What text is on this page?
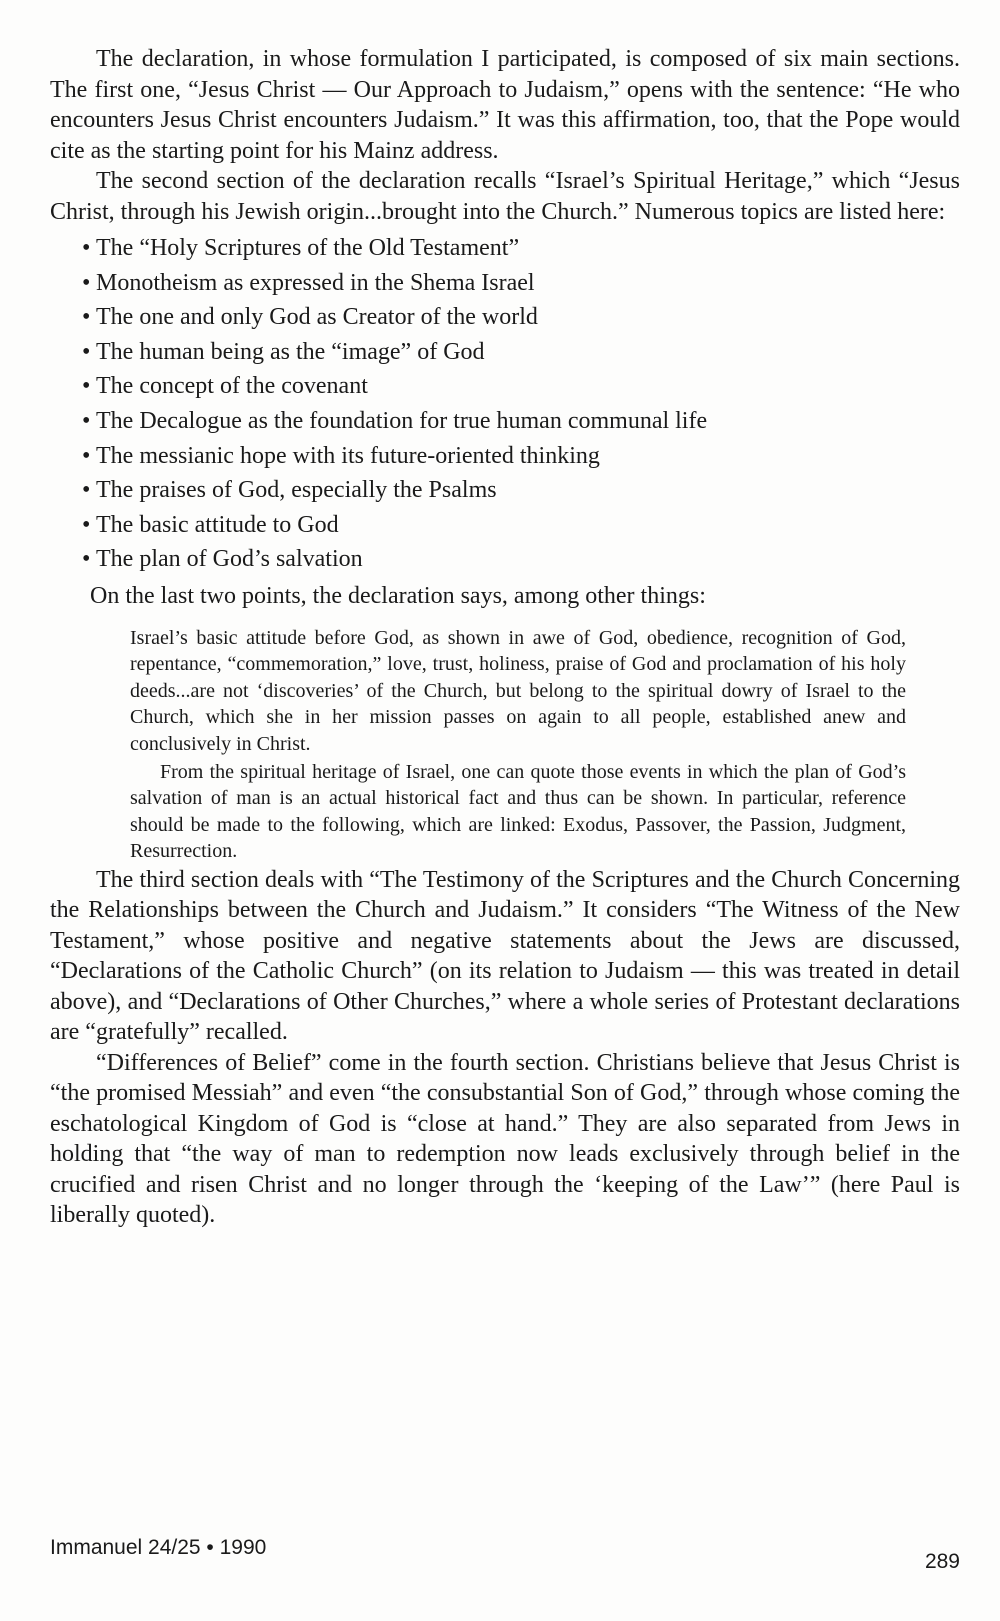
The declaration, in whose formulation I participated, is composed of six main sections. The first one, “Jesus Christ — Our Approach to Judaism,” opens with the sentence: “He who encounters Jesus Christ encounters Judaism.” It was this affirmation, too, that the Pope would cite as the starting point for his Mainz address.

The second section of the declaration recalls “Israel’s Spiritual Heritage,” which “Jesus Christ, through his Jewish origin...brought into the Church.” Numerous topics are listed here:

• The “Holy Scriptures of the Old Testament”
• Monotheism as expressed in the Shema Israel
• The one and only God as Creator of the world
• The human being as the “image” of God
• The concept of the covenant
• The Decalogue as the foundation for true human communal life
• The messianic hope with its future-oriented thinking
• The praises of God, especially the Psalms
• The basic attitude to God
• The plan of God’s salvation

On the last two points, the declaration says, among other things:

Israel’s basic attitude before God, as shown in awe of God, obedience, recognition of God, repentance, “commemoration,” love, trust, holiness, praise of God and proclamation of his holy deeds...are not ‘discoveries’ of the Church, but belong to the spiritual dowry of Israel to the Church, which she in her mission passes on again to all people, established anew and conclusively in Christ.

From the spiritual heritage of Israel, one can quote those events in which the plan of God’s salvation of man is an actual historical fact and thus can be shown. In particular, reference should be made to the following, which are linked: Exodus, Passover, the Passion, Judgment, Resurrection.

The third section deals with “The Testimony of the Scriptures and the Church Concerning the Relationships between the Church and Judaism.” It considers “The Witness of the New Testament,” whose positive and negative statements about the Jews are discussed, “Declarations of the Catholic Church” (on its relation to Judaism — this was treated in detail above), and “Declarations of Other Churches,” where a whole series of Protestant declarations are “gratefully” recalled.

“Differences of Belief” come in the fourth section. Christians believe that Jesus Christ is “the promised Messiah” and even “the consubstantial Son of God,” through whose coming the eschatological Kingdom of God is “close at hand.” They are also separated from Jews in holding that “the way of man to redemption now leads exclusively through belief in the crucified and risen Christ and no longer through the ‘keeping of the Law’” (here Paul is liberally quoted).

Immanuel 24/25 • 1990
289
